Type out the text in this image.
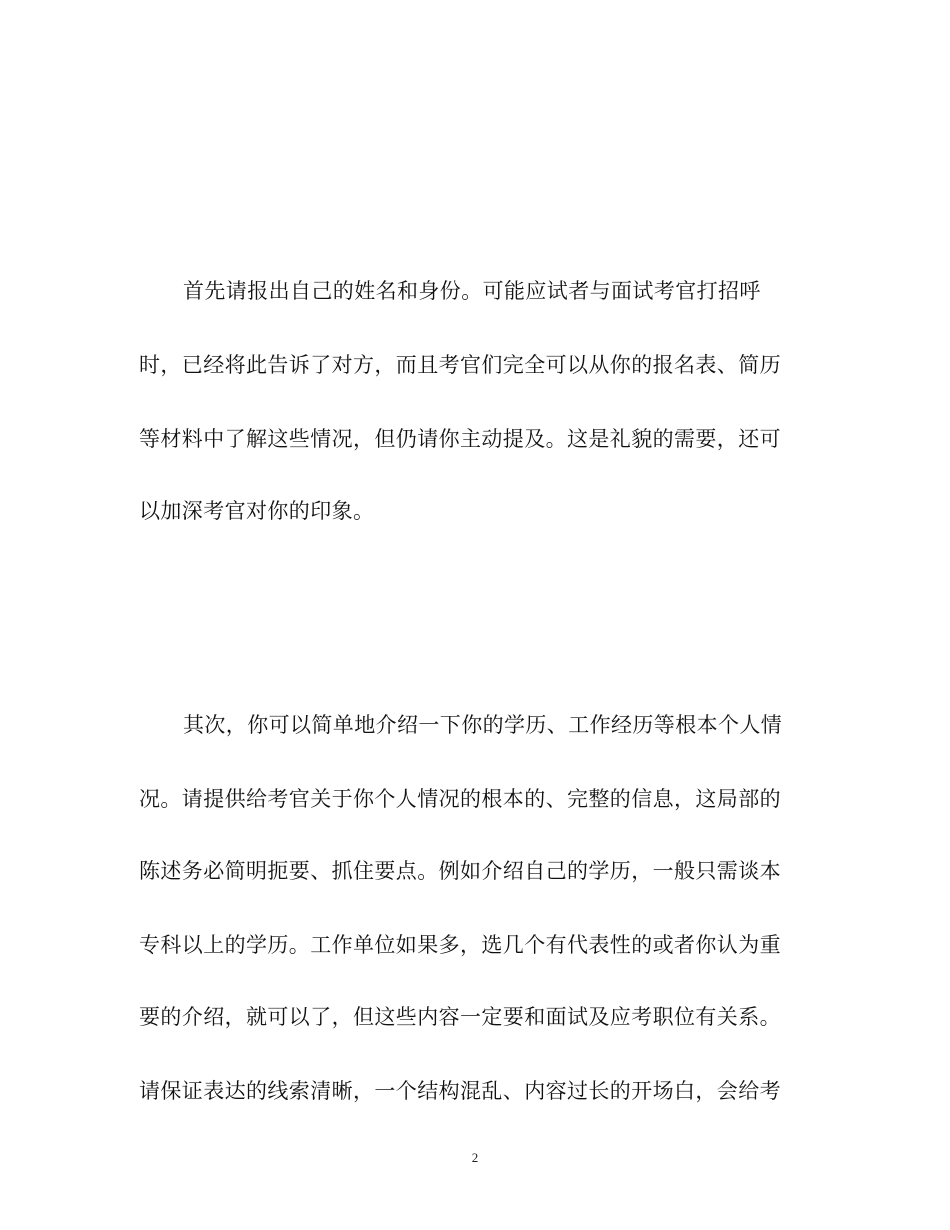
首先请报出自己的姓名和身份。可能应试者与面试考官打招呼
时，已经将此告诉了对方，而且考官们完全可以从你的报名表、简历
等材料中了解这些情况，但仍请你主动提及。这是礼貌的需要，还可
以加深考官对你的印象。
其次，你可以简单地介绍一下你的学历、工作经历等根本个人情
况。请提供给考官关于你个人情况的根本的、完整的信息，这局部的
陈述务必简明扼要、抓住要点。例如介绍自己的学历，一般只需谈本
专科以上的学历。工作单位如果多，选几个有代表性的或者你认为重
要的介绍，就可以了，但这些内容一定要和面试及应考职位有关系。
请保证表达的线索清晰，一个结构混乱、内容过长的开场白，会给考
2
